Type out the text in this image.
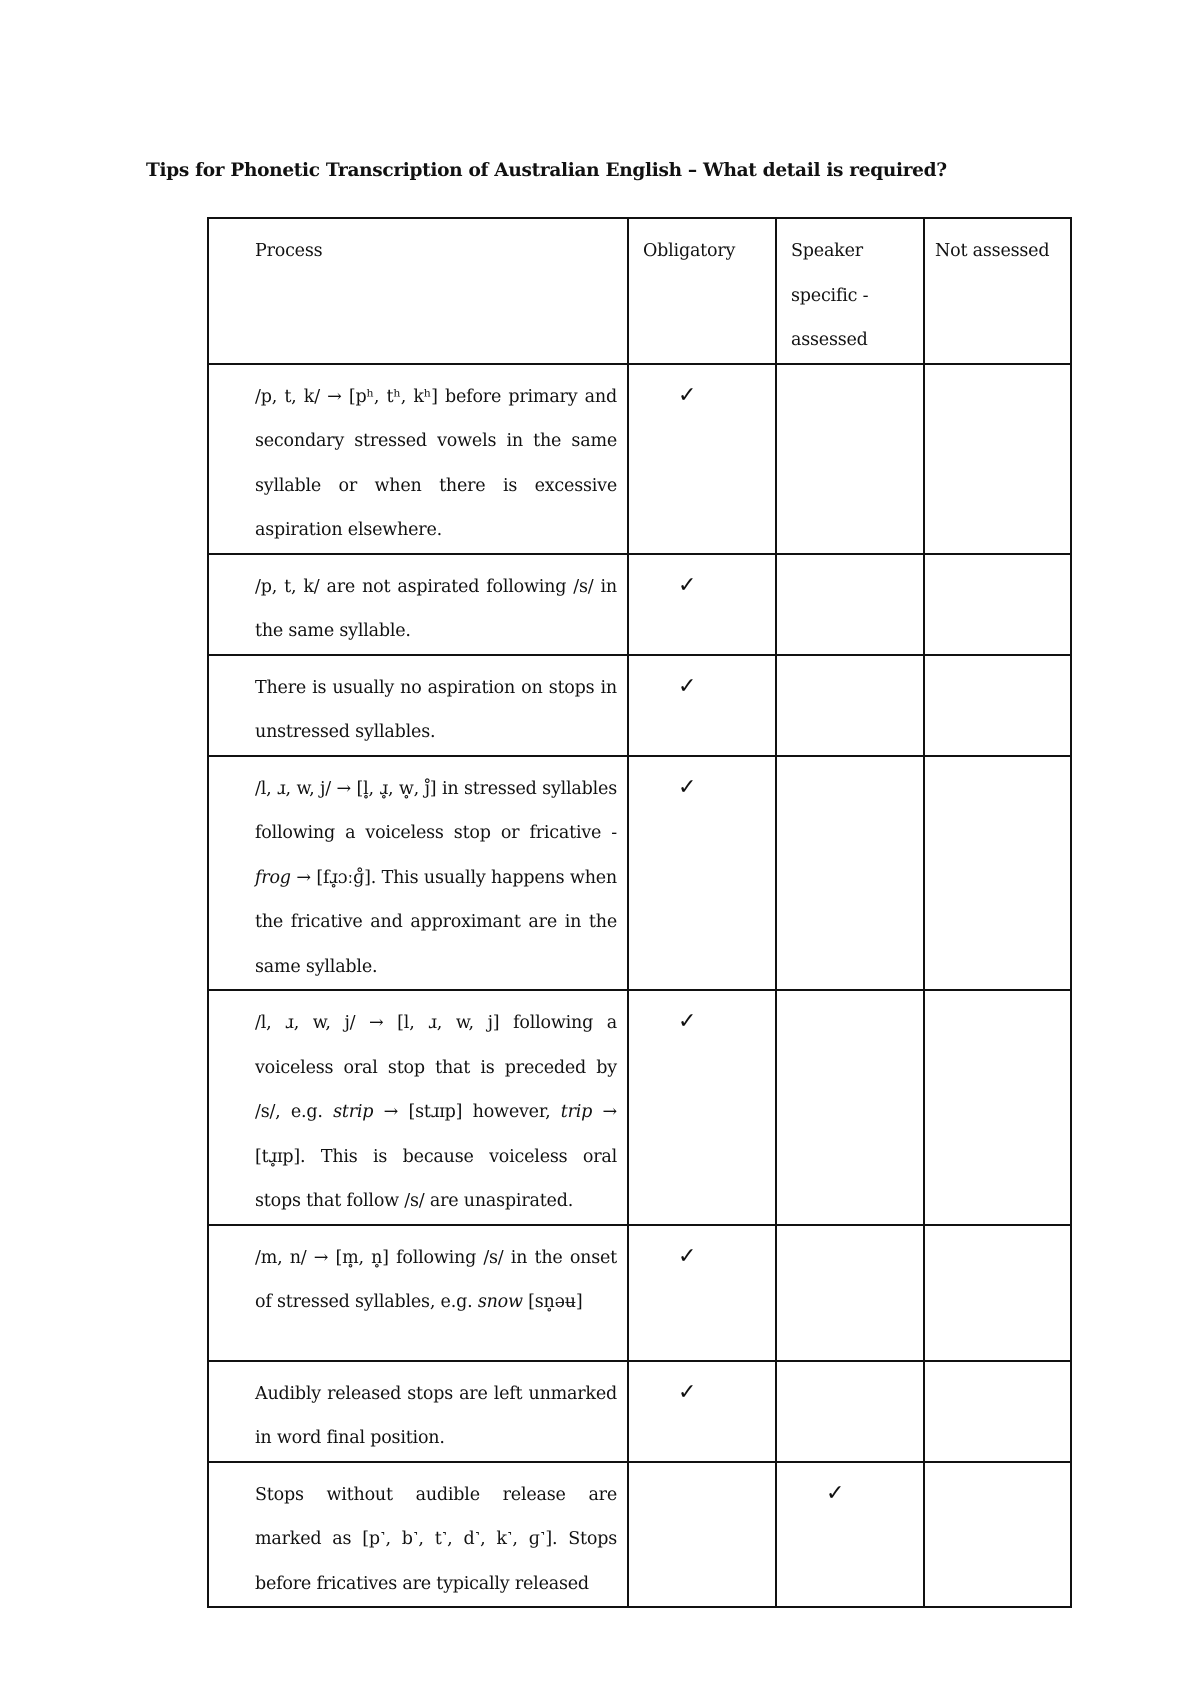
Tips for Phonetic Transcription of Australian English – What detail is required?
Process	Obligatory	Speaker specific - assessed	Not assessed
/p, t, k/ → [pʰ, tʰ, kʰ] before primary and secondary stressed vowels in the same syllable or when there is excessive aspiration elsewhere.	✓		
/p, t, k/ are not aspirated following /s/ in the same syllable.	✓		
There is usually no aspiration on stops in unstressed syllables.	✓		
/l, ɹ, w, j/ → [l̥, ɹ̥, w̥, j̊] in stressed syllables following a voiceless stop or fricative - frog → [fɹ̥ɔːɡ̊]. This usually happens when the fricative and approximant are in the same syllable.	✓		
/l, ɹ, w, j/ → [l, ɹ, w, j] following a voiceless oral stop that is preceded by /s/, e.g. strip → [stɹɪp] however, trip → [tɹ̥ɪp]. This is because voiceless oral stops that follow /s/ are unaspirated.	✓		
/m, n/ → [m̥, n̥] following /s/ in the onset of stressed syllables, e.g. snow [sn̥əʉ]	✓		
Audibly released stops are left unmarked in word final position.	✓		
Stops without audible release are marked as [p˺, b˺, t˺, d˺, k˺, ɡ˺]. Stops before fricatives are typically released		✓	
